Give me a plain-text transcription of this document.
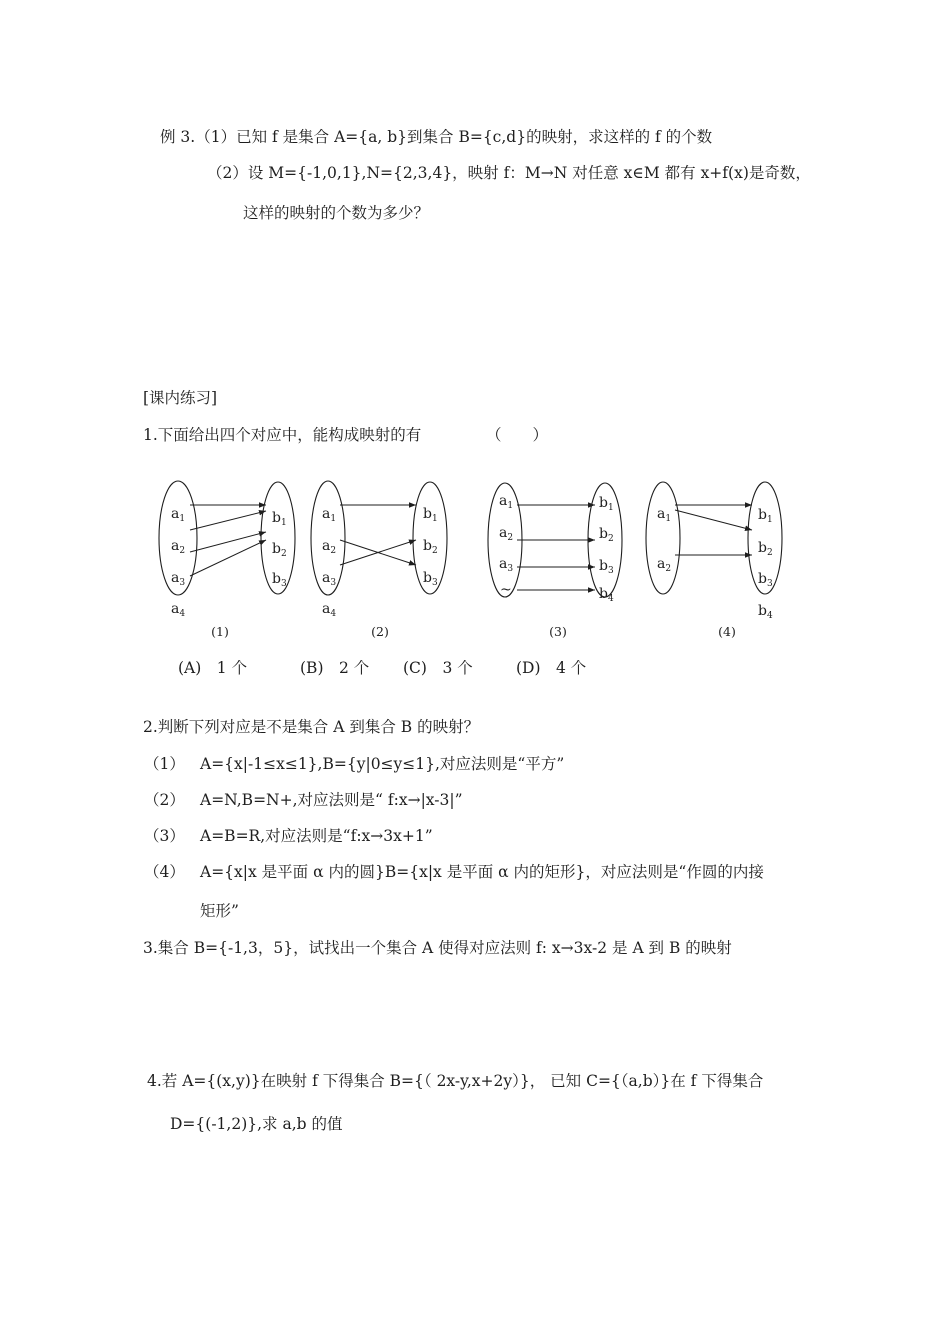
例 3.（1）已知 f 是集合 A={a, b}到集合 B={c,d}的映射，求这样的 f 的个数
（2）设 M={-1,0,1},N={2,3,4}，映射 f：M→N 对任意 x∈M 都有 x+f(x)是奇数，
这样的映射的个数为多少？
[课内练习]
1.下面给出四个对应中，能构成映射的有	（　　）
$a_1$
$a_2$
$a_3$
$a_4$
$b_1$
$b_2$
$b_3$
(1)
$a_1$
$a_2$
$a_3$
$a_4$
$b_1$
$b_2$
$b_3$
(2)
$a_1$
$a_2$
$a_3$
~
$b_1$
$b_2$
$b_3$
$b_4$
(3)
$a_1$
$a_2$
$b_1$
$b_2$
$b_3$
$b_4$
(4)
(A)　1 个	(B)　2 个 (C)　3 个	(D)　4 个
2.判断下列对应是不是集合 A 到集合 B 的映射？
（1） A={x|-1≤x≤1},B={y|0≤y≤1},对应法则是“平方”
（2） A=N,B=N+,对应法则是“ f:x→|x-3|”
（3） A=B=R,对应法则是“f:x→3x+1”
（4） A={x|x 是平面 α 内的圆}B={x|x 是平面 α 内的矩形}，对应法则是“作圆的内接
矩形”
3.集合 B={-1,3，5}，试找出一个集合 A 使得对应法则 f: x→3x-2 是 A 到 B 的映射
4.若 A={(x,y)}在映射 f 下得集合 B={（ 2x-y,x+2y）}， 已知 C={（a,b）}在 f 下得集合
D={(-1,2)},求 a,b 的值
